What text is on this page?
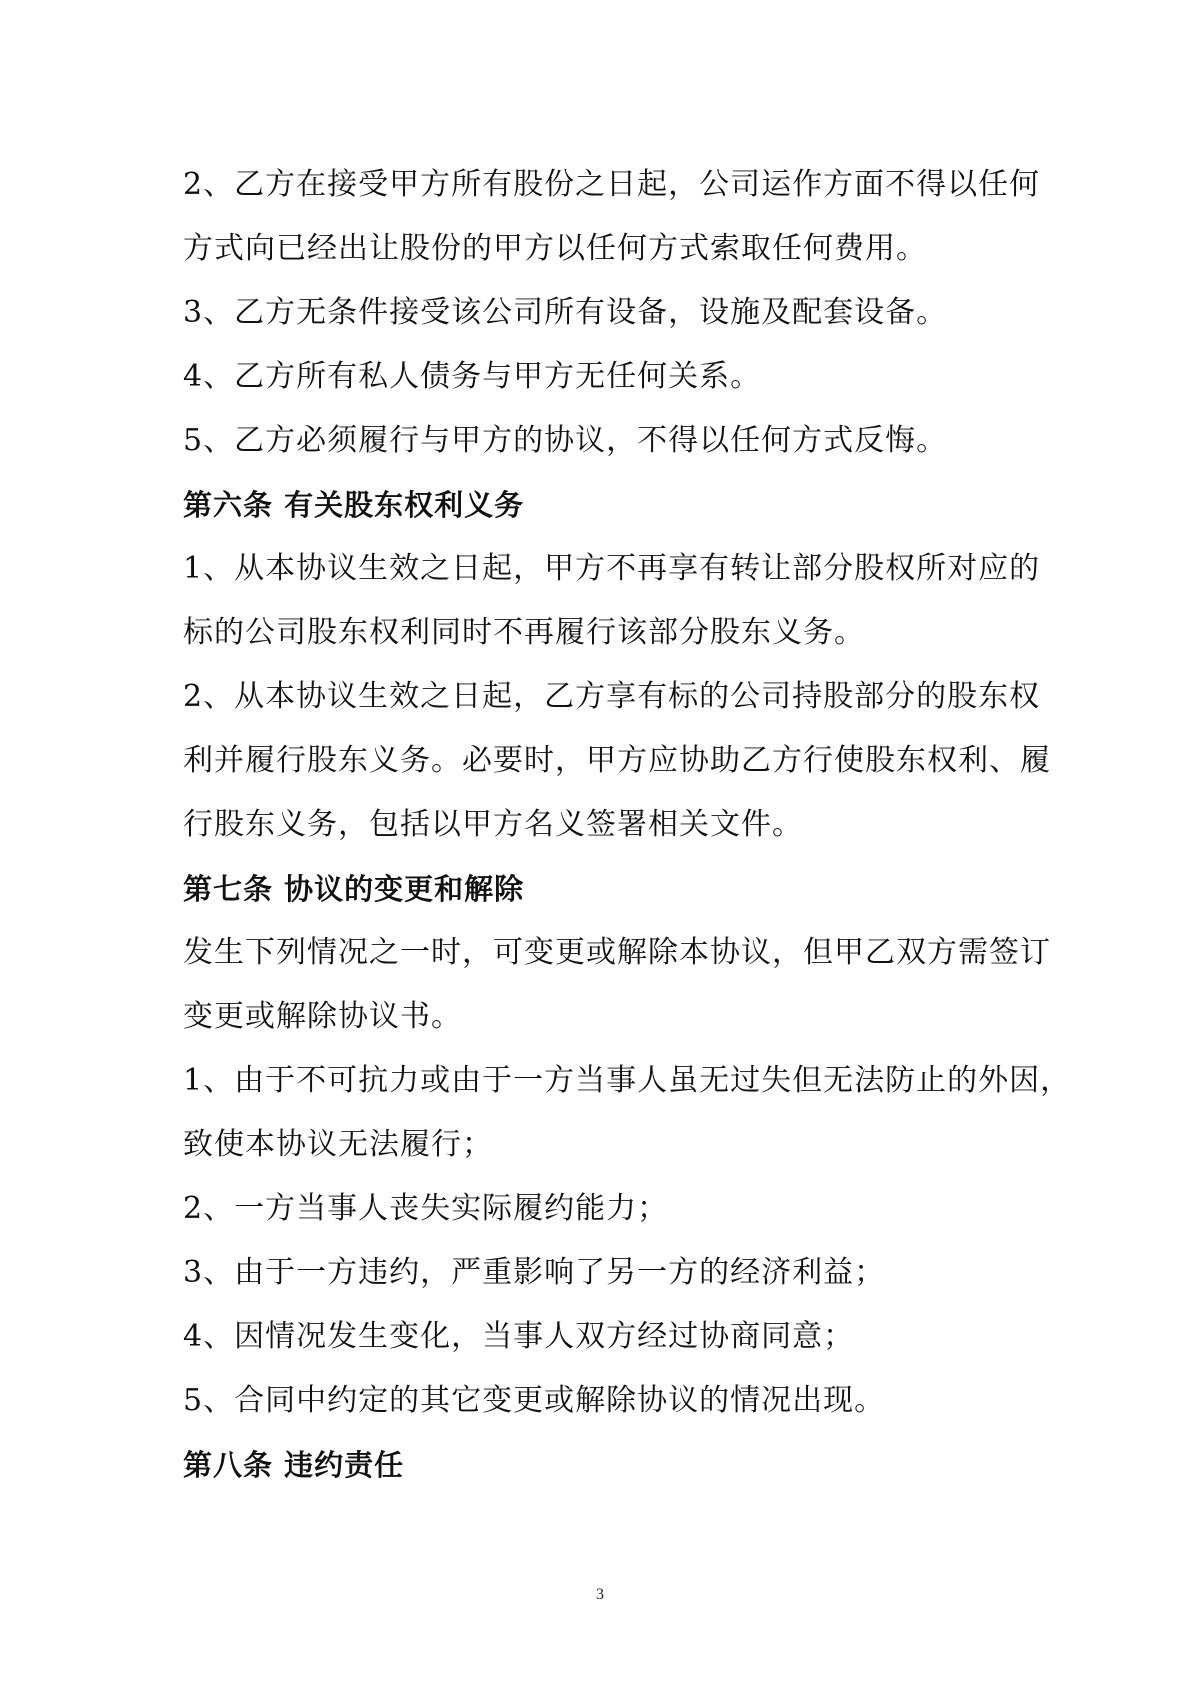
2、乙方在接受甲方所有股份之日起，公司运作方面不得以任何
方式向已经出让股份的甲方以任何方式索取任何费用。
3、乙方无条件接受该公司所有设备，设施及配套设备。
4、乙方所有私人债务与甲方无任何关系。
5、乙方必须履行与甲方的协议，不得以任何方式反悔。
第六条 有关股东权利义务
1、从本协议生效之日起，甲方不再享有转让部分股权所对应的
标的公司股东权利同时不再履行该部分股东义务。
2、从本协议生效之日起，乙方享有标的公司持股部分的股东权
利并履行股东义务。必要时，甲方应协助乙方行使股东权利、履
行股东义务，包括以甲方名义签署相关文件。
第七条 协议的变更和解除
发生下列情况之一时，可变更或解除本协议，但甲乙双方需签订
变更或解除协议书。
1、由于不可抗力或由于一方当事人虽无过失但无法防止的外因，
致使本协议无法履行；
2、一方当事人丧失实际履约能力；
3、由于一方违约，严重影响了另一方的经济利益；
4、因情况发生变化，当事人双方经过协商同意；
5、合同中约定的其它变更或解除协议的情况出现。
第八条 违约责任
3
